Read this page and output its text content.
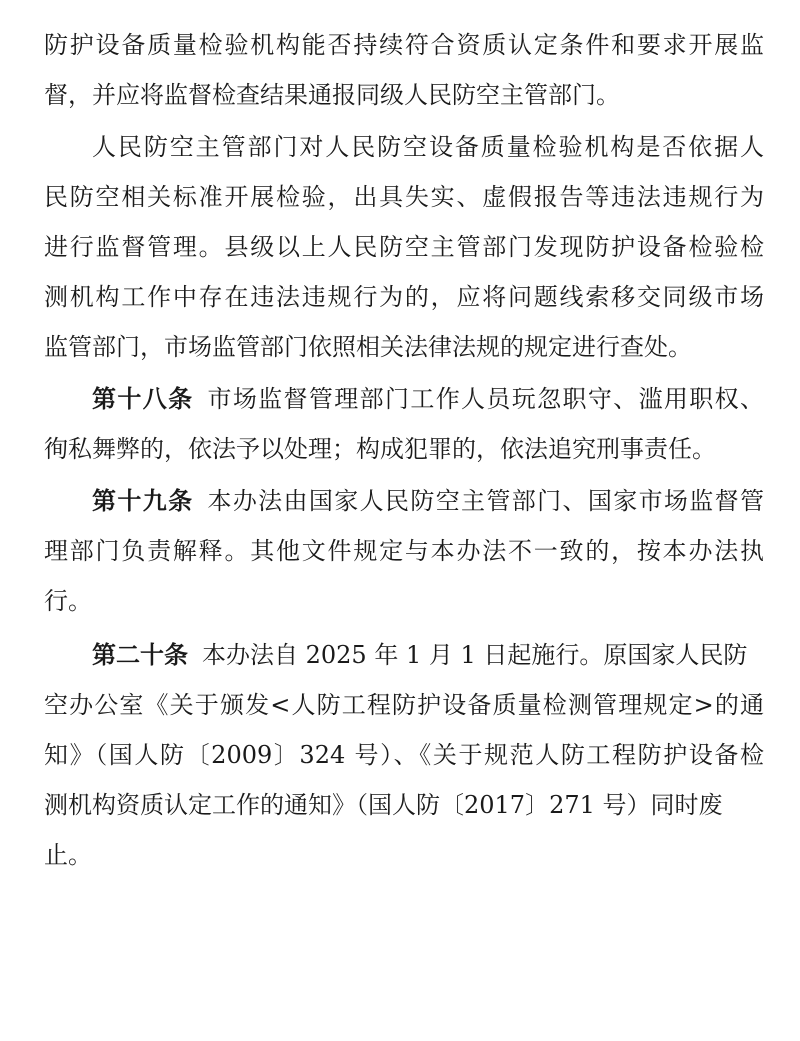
防护设备质量检验机构能否持续符合资质认定条件和要求开展监
督，并应将监督检查结果通报同级人民防空主管部门。
人民防空主管部门对人民防空设备质量检验机构是否依据人
民防空相关标准开展检验，出具失实、虚假报告等违法违规行为
进行监督管理。县级以上人民防空主管部门发现防护设备检验检
测机构工作中存在违法违规行为的，应将问题线索移交同级市场
监管部门，市场监管部门依照相关法律法规的规定进行查处。
第十八条 市场监督管理部门工作人员玩忽职守、滥用职权、
徇私舞弊的，依法予以处理；构成犯罪的，依法追究刑事责任。
第十九条 本办法由国家人民防空主管部门、国家市场监督管
理部门负责解释。其他文件规定与本办法不一致的，按本办法执
行。
第二十条 本办法自 2025 年 1 月 1 日起施行。原国家人民防
空办公室《关于颁发<人防工程防护设备质量检测管理规定>的通
知》（国人防〔2009〕324 号）、《关于规范人防工程防护设备检
测机构资质认定工作的通知》（国人防〔2017〕271 号）同时废
止。
